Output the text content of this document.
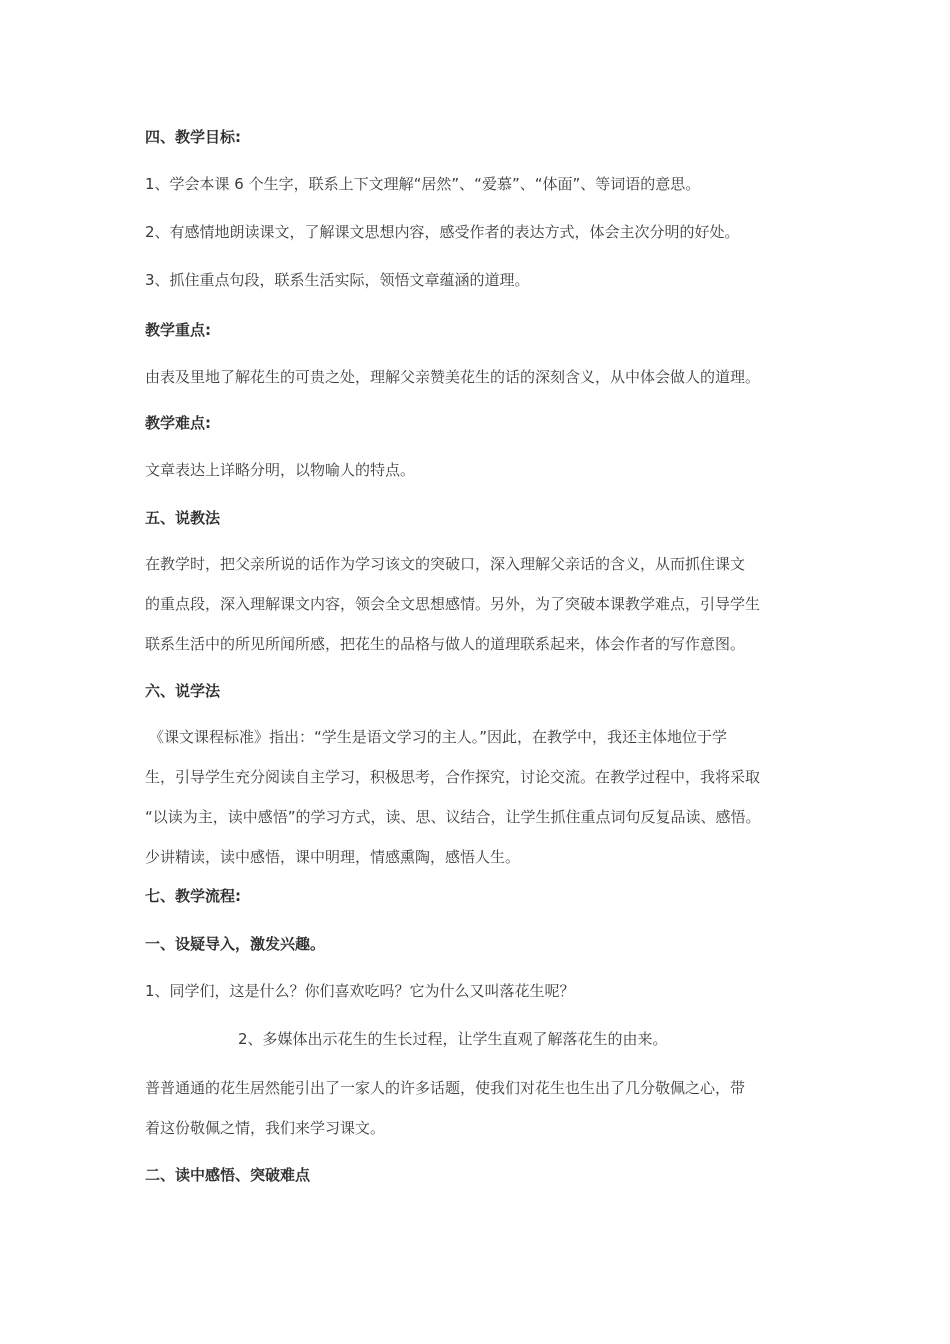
四、教学目标:
1、学会本课 6 个生字，联系上下文理解“居然”、“爱慕”、“体面”、等词语的意思。
2、有感情地朗读课文，了解课文思想内容，感受作者的表达方式，体会主次分明的好处。
3、抓住重点句段，联系生活实际，领悟文章蕴涵的道理。
教学重点:
由表及里地了解花生的可贵之处，理解父亲赞美花生的话的深刻含义，从中体会做人的道理。
教学难点:
文章表达上详略分明，以物喻人的特点。
五、说教法
在教学时，把父亲所说的话作为学习该文的突破口，深入理解父亲话的含义，从而抓住课文
的重点段，深入理解课文内容，领会全文思想感情。另外，为了突破本课教学难点，引导学生
联系生活中的所见所闻所感，把花生的品格与做人的道理联系起来，体会作者的写作意图。
六、说学法
《课文课程标准》指出：“学生是语文学习的主人。”因此，在教学中，我还主体地位于学
生，引导学生充分阅读自主学习，积极思考，合作探究，讨论交流。在教学过程中，我将采取
“以读为主，读中感悟”的学习方式，读、思、议结合，让学生抓住重点词句反复品读、感悟。
少讲精读，读中感悟，课中明理，情感熏陶，感悟人生。
七、教学流程:
一、设疑导入，激发兴趣。
1、同学们，这是什么？你们喜欢吃吗？它为什么又叫落花生呢？
2、多媒体出示花生的生长过程，让学生直观了解落花生的由来。
普普通通的花生居然能引出了一家人的许多话题，使我们对花生也生出了几分敬佩之心，带
着这份敬佩之情，我们来学习课文。
二、读中感悟、突破难点
